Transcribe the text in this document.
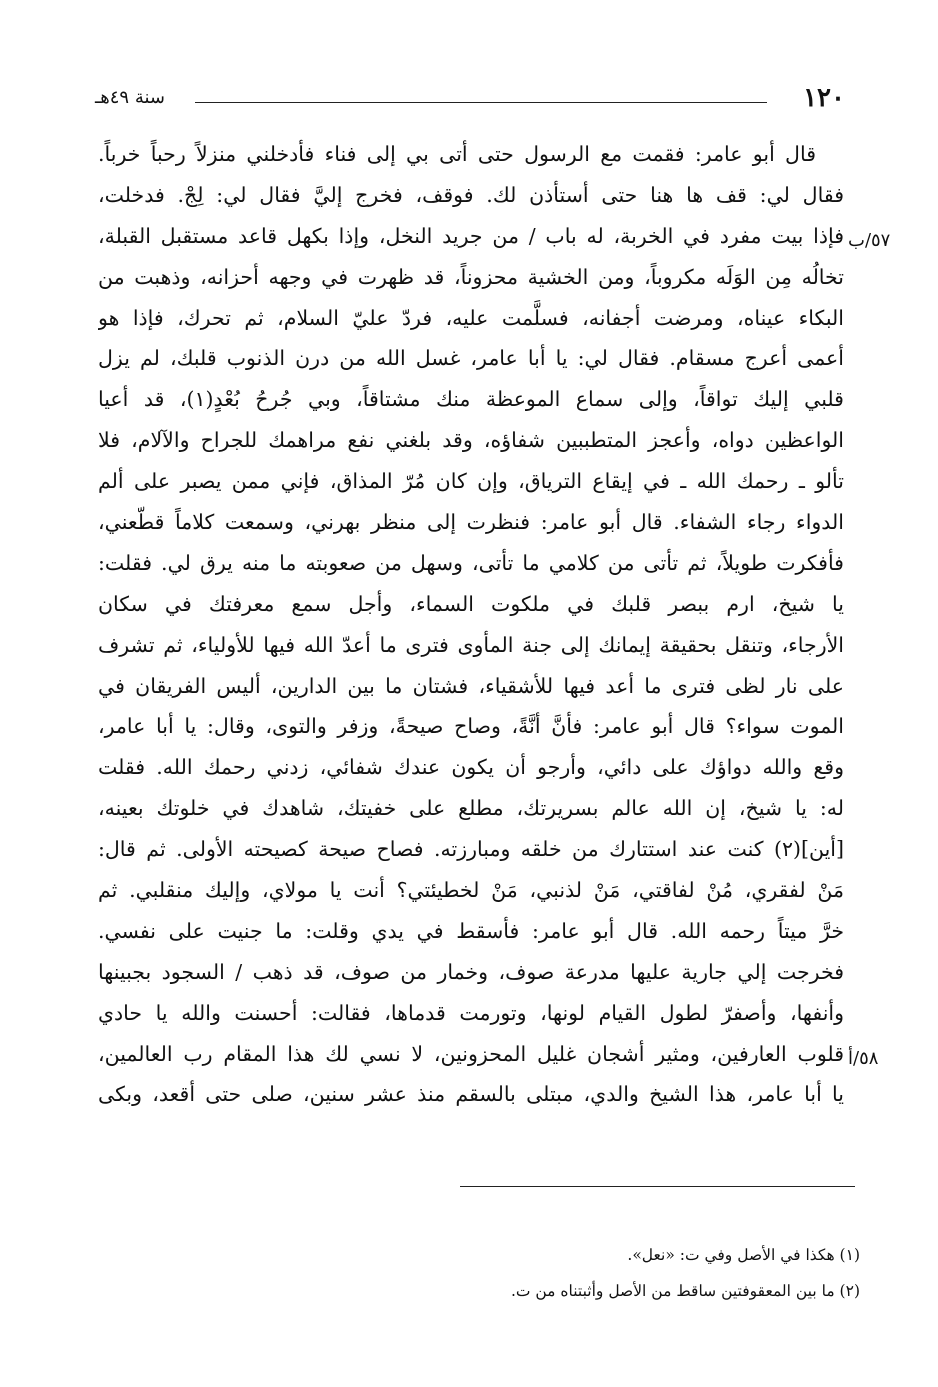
١٢٠
سنة ٤٩هـ
٥٧/ب
٥٨/أ
قال أبو عامر: فقمت مع الرسول حتى أتى بي إلى فناء فأدخلني منزلاً رحباً خرباً.
فقال لي: قف ها هنا حتى أستأذن لك. فوقف، فخرج إليَّ فقال لي: لِجْ. فدخلت،
فإذا بيت مفرد في الخربة، له باب / من جريد النخل، وإذا بكهل قاعد مستقبل القبلة،
تخالُه مِن الوَلَه مكروباً، ومن الخشية محزوناً، قد ظهرت في وجهه أحزانه، وذهبت من
البكاء عيناه، ومرضت أجفانه، فسلَّمت عليه، فردّ عليّ السلام، ثم تحرك، فإذا هو
أعمى أعرج مسقام. فقال لي: يا أبا عامر، غسل الله من درن الذنوب قلبك، لم يزل
قلبي إليك تواقاً، وإلى سماع الموعظة منك مشتاقاً، وبي جُرحُ بُعْدٍ(١)، قد أعيا
الواعظين دواه، وأعجز المتطببين شفاؤه، وقد بلغني نفع مراهمك للجراح والآلام، فلا
تألو ـ رحمك الله ـ في إيقاع الترياق، وإن كان مُرّ المذاق، فإني ممن يصبر على ألم
الدواء رجاء الشفاء. قال أبو عامر: فنظرت إلى منظر بهرني، وسمعت كلاماً قطّعني،
فأفكرت طويلاً، ثم تأتى من كلامي ما تأتى، وسهل من صعوبته ما منه يرق لي. فقلت:
يا شيخ، ارم ببصر قلبك في ملكوت السماء، وأجل سمع معرفتك في سكان
الأرجاء، وتنقل بحقيقة إيمانك إلى جنة المأوى فترى ما أعدّ الله فيها للأولياء، ثم تشرف
على نار لظى فترى ما أعد فيها للأشقياء، فشتان ما بين الدارين، أليس الفريقان في
الموت سواء؟ قال أبو عامر: فأنَّ أنَّةً، وصاح صيحةً، وزفر والتوى، وقال: يا أبا عامر،
وقع والله دواؤك على دائي، وأرجو أن يكون عندك شفائي، زدني رحمك الله. فقلت
له: يا شيخ، إن الله عالم بسريرتك، مطلع على خفيتك، شاهدك في خلوتك بعينه،
[أين](٢) كنت عند استتارك من خلقه ومبارزته. فصاح صيحة كصيحته الأولى. ثم قال:
مَنْ لفقري، مُنْ لفاقتي، مَنْ لذنبي، مَنْ لخطيئتي؟ أنت يا مولاي، وإليك منقلبي. ثم
خرَّ ميتاً رحمه الله. قال أبو عامر: فأسقط في يدي وقلت: ما جنيت على نفسي.
فخرجت إلي جارية عليها مدرعة صوف، وخمار من صوف، قد ذهب / السجود بجبينها
وأنفها، وأصفرّ لطول القيام لونها، وتورمت قدماها، فقالت: أحسنت والله يا حادي
قلوب العارفين، ومثير أشجان غليل المحزونين، لا نسي لك هذا المقام رب العالمين،
يا أبا عامر، هذا الشيخ والدي، مبتلى بالسقم منذ عشر سنين، صلى حتى أقعد، وبكى
(١) هكذا في الأصل وفي ت: «نعل».
(٢) ما بين المعقوفتين ساقط من الأصل وأثبتناه من ت.
